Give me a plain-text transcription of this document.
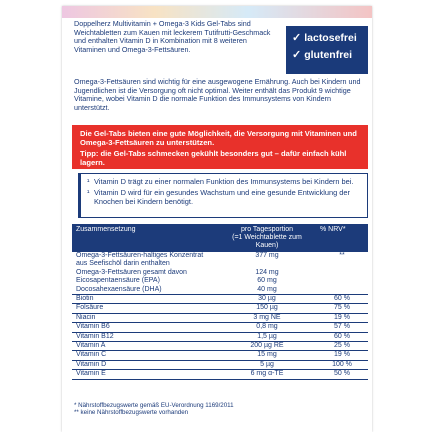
Doppelherz Multivitamin + Omega-3 Kids Gel-Tabs sind Weichtabletten zum Kauen mit leckerem Tutifrutti-Geschmack und enthalten Vitamin D in Kombination mit 8 weiteren Vitaminen und Omega-3-Fettsäuren.

✓ lactosefrei
✓ glutenfrei

Omega-3-Fettsäuren sind wichtig für eine ausgewogene Ernährung. Auch bei Kindern und Jugendlichen ist die Versorgung oft nicht optimal. Weiter enthält das Produkt 9 wichtige Vitamine, wobei Vitamin D die normale Funktion des Immunsystems von Kindern unterstützt.

Die Gel-Tabs bieten eine gute Möglichkeit, die Versorgung mit Vitaminen und Omega-3-Fettsäuren zu unterstützen.

Tipp: die Gel-Tabs schmecken gekühlt besonders gut – dafür einfach kühl lagern.

¹ Vitamin D trägt zu einer normalen Funktion des Immunsystems bei Kindern bei.
¹ Vitamin D wird für ein gesundes Wachstum und eine gesunde Entwicklung der Knochen bei Kindern benötigt.
Zusammensetzung	pro Tagesportion
(=1 Weichtablette zum Kauen)	% NRV*
Omega-3-Fettsäuren-haltiges Konzentrat aus Seefischöl darin enthalten	377 mg	**
Omega-3-Fettsäuren gesamt davon	124 mg	
Eicosapentaensäure (EPA)	60 mg	
Docosahexaensäure (DHA)	40 mg	
Biotin	30 µg	60 %
Folsäure	150 µg	75 %
Niacin	3 mg NE	19 %
Vitamin B6	0,8 mg	57 %
Vitamin B12	1,5 µg	60 %
Vitamin A	200 µg RE	25 %
Vitamin C	15 mg	19 %
Vitamin D	5 µg	100 %
Vitamin E	6 mg α-TE	50 %
* Nährstoffbezugswerte gemäß EU-Verordnung 1169/2011
** keine Nährstoffbezugswerte vorhanden
